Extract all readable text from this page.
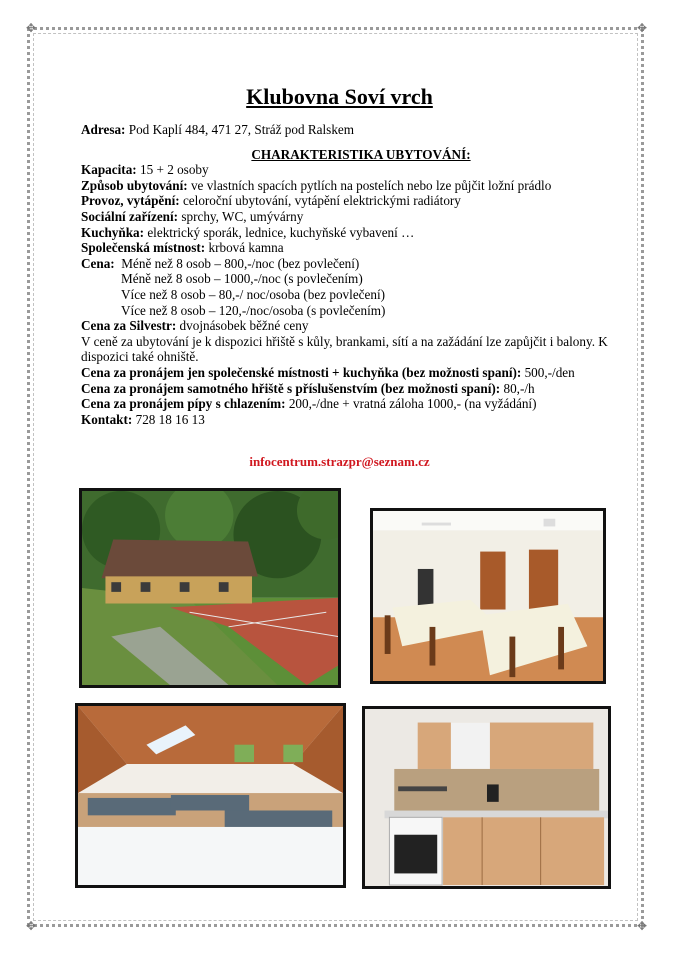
✥	✥
✥	✥
Klubovna Soví vrch

Adresa: Pod Kaplí 484, 471 27, Stráž pod Ralskem

CHARAKTERISTIKA UBYTOVÁNÍ:

Kapacita: 15 + 2 osoby

Způsob ubytování: ve vlastních spacích pytlích na postelích nebo lze půjčit ložní prádlo

Provoz, vytápění: celoroční ubytování, vytápění elektrickými radiátory

Sociální zařízení: sprchy, WC, umývárny

Kuchyňka: elektrický sporák, lednice, kuchyňské vybavení …

Společenská místnost: krbová kamna

Cena: Méně než 8 osob – 800,-/noc (bez povlečení)

Méně než 8 osob – 1000,-/noc (s povlečením)

Více než 8 osob – 80,-/ noc/osoba (bez povlečení)

Více než 8 osob – 120,-/noc/osoba (s povlečením)

Cena za Silvestr: dvojnásobek běžné ceny

V ceně za ubytování je k dispozici hřiště s kůly, brankami, sítí a na zažádání lze zapůjčit i balony. K dispozici také ohniště.

Cena za pronájem jen společenské místnosti + kuchyňka (bez možnosti spaní): 500,-/den

Cena za pronájem samotného hřiště s příslušenstvím (bez možnosti spaní): 80,-/h

Cena za pronájem pípy s chlazením: 200,-/dne + vratná záloha 1000,- (na vyžádání)

Kontakt: 728 18 16 13

infocentrum.strazpr@seznam.cz
